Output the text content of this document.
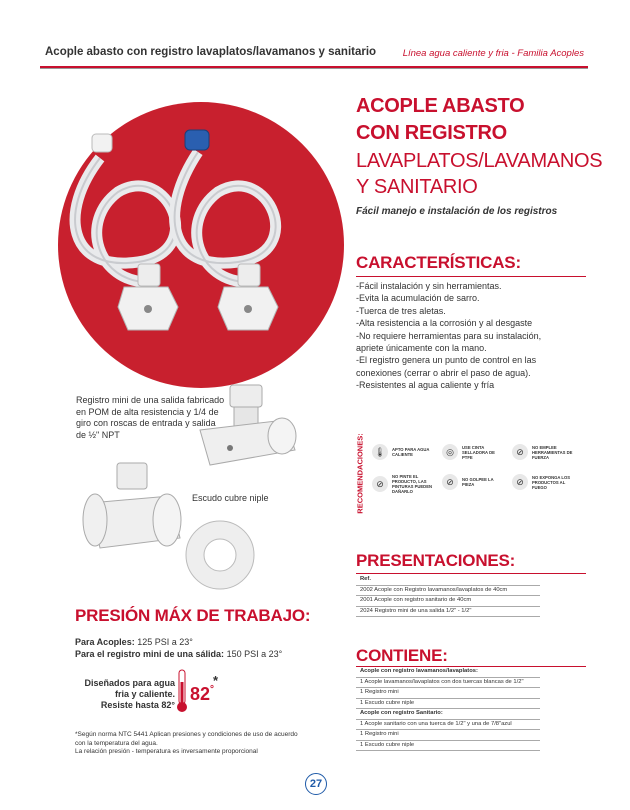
Acople abasto con registro lavaplatos/lavamanos y sanitario	Línea agua caliente y fria - Familia Acoples
ACOPLE ABASTO
CON REGISTRO
LAVAPLATOS/LAVAMANOS
Y SANITARIO
Fácil manejo e instalación de los registros
CARACTERÍSTICAS:
-Fácil instalación y sin herramientas.
-Evita la acumulación de sarro.
-Tuerca de tres aletas.
-Alta resistencia a la corrosión y al desgaste
-No requiere herramientas para su instalación,
apriete únicamente con la mano.
-El registro genera un punto de control en las
conexiones (cerrar o abrir el paso de agua).
-Resistentes al agua caliente y fría
RECOMENDACIONES: 🌡	APTO PARA AGUA CALIENTE	◎	USE CINTA SELLADORA DE PTFE
⊘	NO EMPLEE HERRAMIENTAS DE FUERZA
⊘
NO PINTE EL PRODUCTO, LAS PINTURAS PUEDEN DAÑARLO
⊘	NO GOLPEE LA PIEZA	⊘	NO EXPONGA LOS PRODUCTOS AL FUEGO
Registro mini de una salida fabricado en POM de alta resistencia y 1/4 de giro con roscas de entrada y salida de ½" NPT
Escudo cubre niple
PRESENTACIONES:
Ref.
2002 Acople con Registro lavamanos/lavaplatos de 40cm
2001 Acople con registro sanitario de 40cm
2024 Registro mini de una salida 1/2" - 1/2"
PRESIÓN MÁX DE TRABAJO:
Para Acoples: 125 PSI a 23°
Para el registro mini de una sálida: 150 PSI a 23°
Diseñados para agua
fria y caliente.
Resiste hasta 82°
82°
*
*Según norma NTC 5441 Aplican presiones y condiciones de uso de acuerdo
con la temperatura del agua.
La relación presión - temperatura es inversamente proporcional
CONTIENE:
Acople con registro lavamanos/lavaplatos:
1 Acople lavamanos/lavaplatos con dos tuercas blancas de 1/2"
1 Registro mini
1 Escudo cubre niple
Acople con registro Sanitario:
1 Acople sanitario con una tuerca de 1/2" y una de 7/8"azul
1 Registro mini
1 Escudo cubre niple
27
